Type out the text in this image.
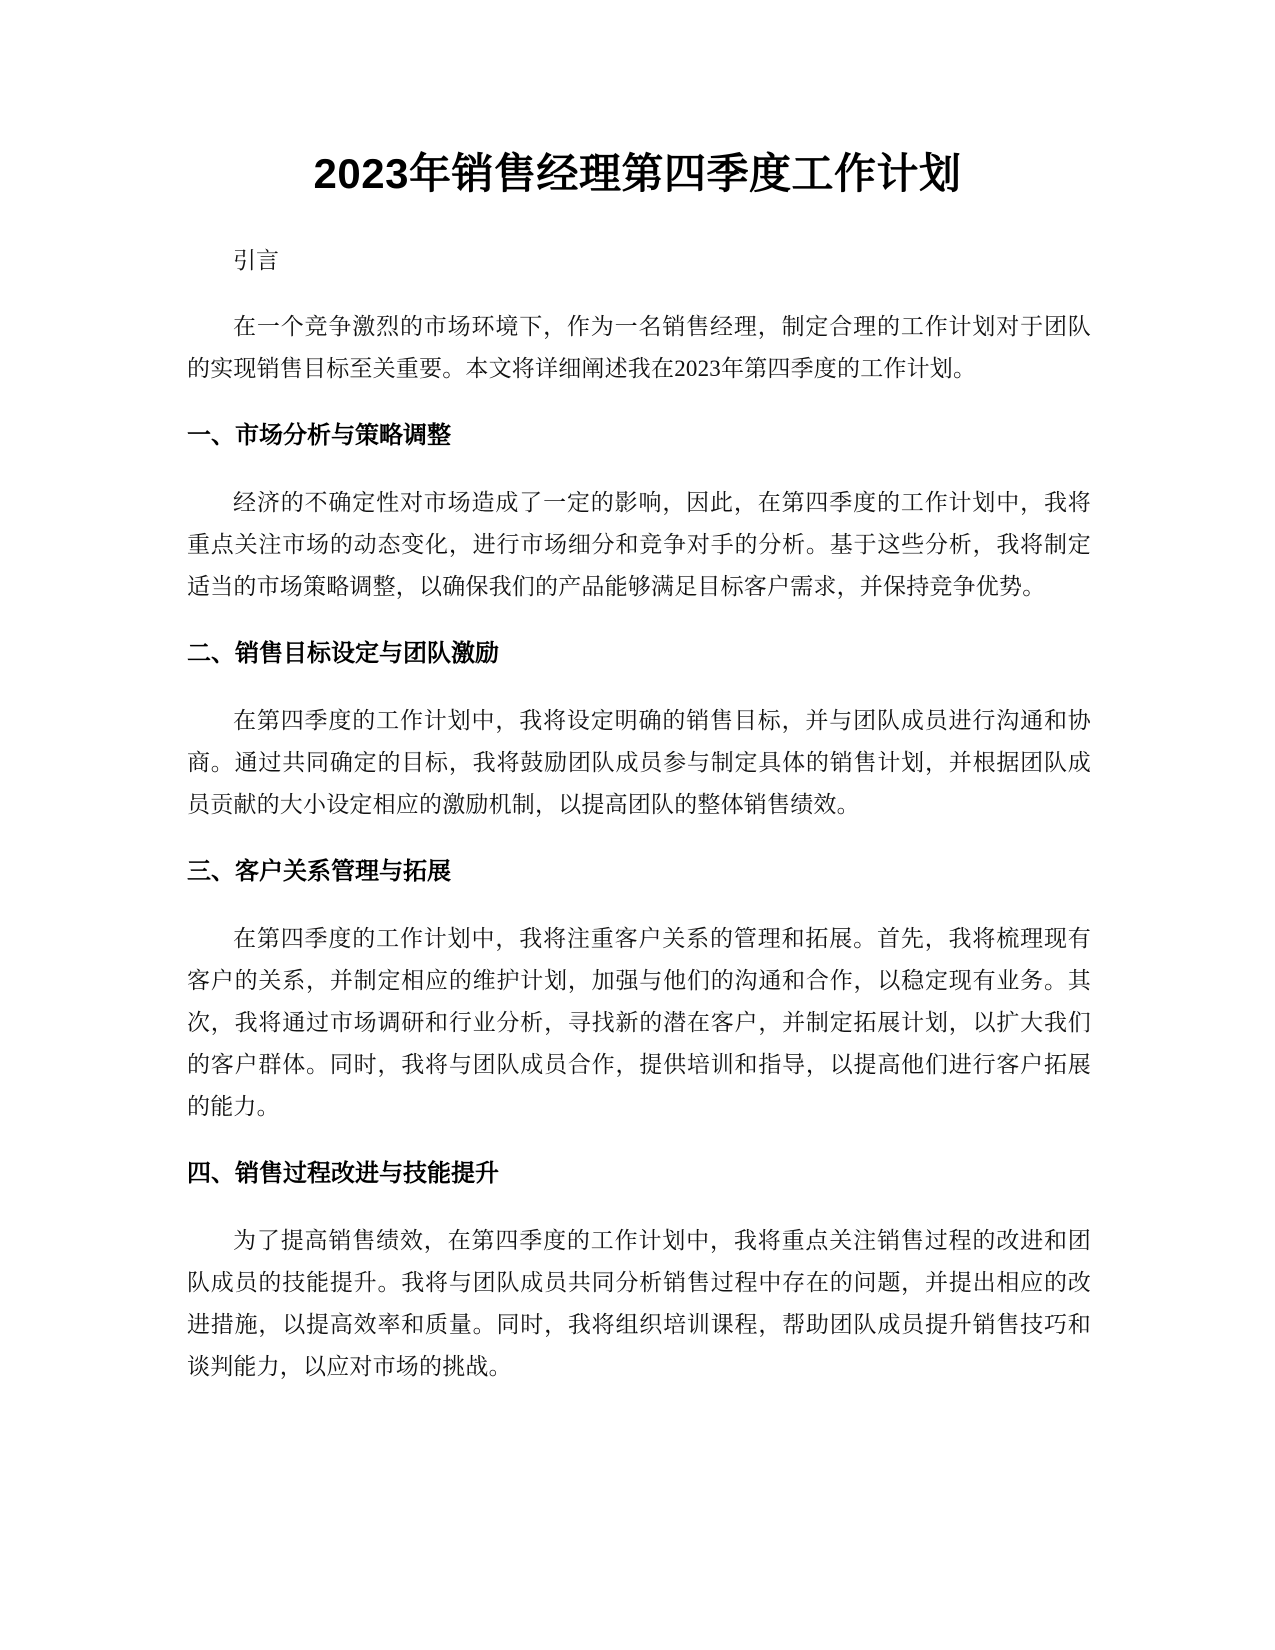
2023年销售经理第四季度工作计划

引言

在一个竞争激烈的市场环境下，作为一名销售经理，制定合理的工作计划对于团队的实现销售目标至关重要。本文将详细阐述我在2023年第四季度的工作计划。

一、市场分析与策略调整

经济的不确定性对市场造成了一定的影响，因此，在第四季度的工作计划中，我将重点关注市场的动态变化，进行市场细分和竞争对手的分析。基于这些分析，我将制定适当的市场策略调整，以确保我们的产品能够满足目标客户需求，并保持竞争优势。

二、销售目标设定与团队激励

在第四季度的工作计划中，我将设定明确的销售目标，并与团队成员进行沟通和协商。通过共同确定的目标，我将鼓励团队成员参与制定具体的销售计划，并根据团队成员贡献的大小设定相应的激励机制，以提高团队的整体销售绩效。

三、客户关系管理与拓展

在第四季度的工作计划中，我将注重客户关系的管理和拓展。首先，我将梳理现有客户的关系，并制定相应的维护计划，加强与他们的沟通和合作，以稳定现有业务。其次，我将通过市场调研和行业分析，寻找新的潜在客户，并制定拓展计划，以扩大我们的客户群体。同时，我将与团队成员合作，提供培训和指导，以提高他们进行客户拓展的能力。

四、销售过程改进与技能提升

为了提高销售绩效，在第四季度的工作计划中，我将重点关注销售过程的改进和团队成员的技能提升。我将与团队成员共同分析销售过程中存在的问题，并提出相应的改进措施，以提高效率和质量。同时，我将组织培训课程，帮助团队成员提升销售技巧和谈判能力，以应对市场的挑战。
